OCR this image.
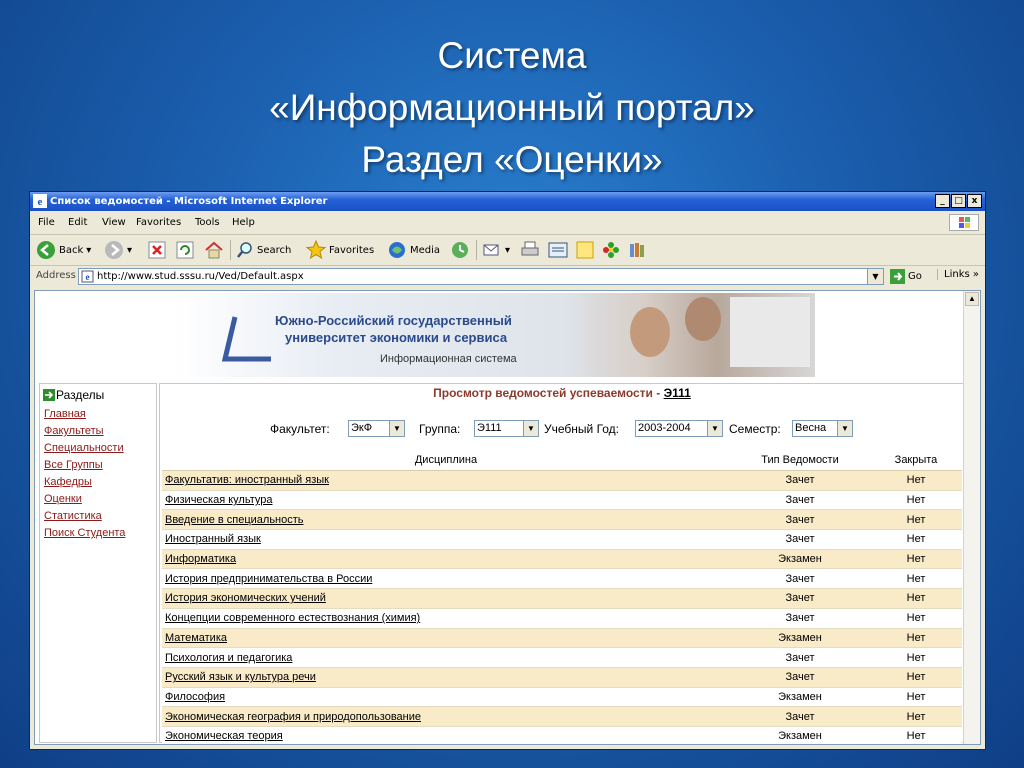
Система
«Информационный портал»
Раздел «Оценки»
e Список ведомостей - Microsoft Internet Explorer	_	□ x
File Edit View Favorites Tools Help
Back ▾	▾	Search	Favorites	Media	▾
Address e http://www.stud.sssu.ru/Ved/Default.aspx	▼	Go	Links »
Южно-Российский государственный
университет экономики и сервиса
Информационная система
Разделы
Главная
Факультеты
Специальности
Все Группы
Кафедры
Оценки
Статистика
Поиск Студента
Просмотр ведомостей успеваемости - Э111
Факультет: ЭкФ	▼ Группа: Э111	▼ Учебный Год: 2003-2004	▼ Семестр: Весна	▼
Дисциплина	Тип Ведомости	Закрыта
Факультатив: иностранный язык	Зачет	Нет
Физическая культура	Зачет	Нет
Введение в специальность	Зачет	Нет
Иностранный язык	Зачет	Нет
Информатика	Экзамен	Нет
История предпринимательства в России	Зачет	Нет
История экономических учений	Зачет	Нет
Концепции современного естествознания (химия)	Зачет	Нет
Математика	Экзамен	Нет
Психология и педагогика	Зачет	Нет
Русский язык и культура речи	Зачет	Нет
Философия	Экзамен	Нет
Экономическая география и природопользование	Зачет	Нет
Экономическая теория	Экзамен	Нет
▲
